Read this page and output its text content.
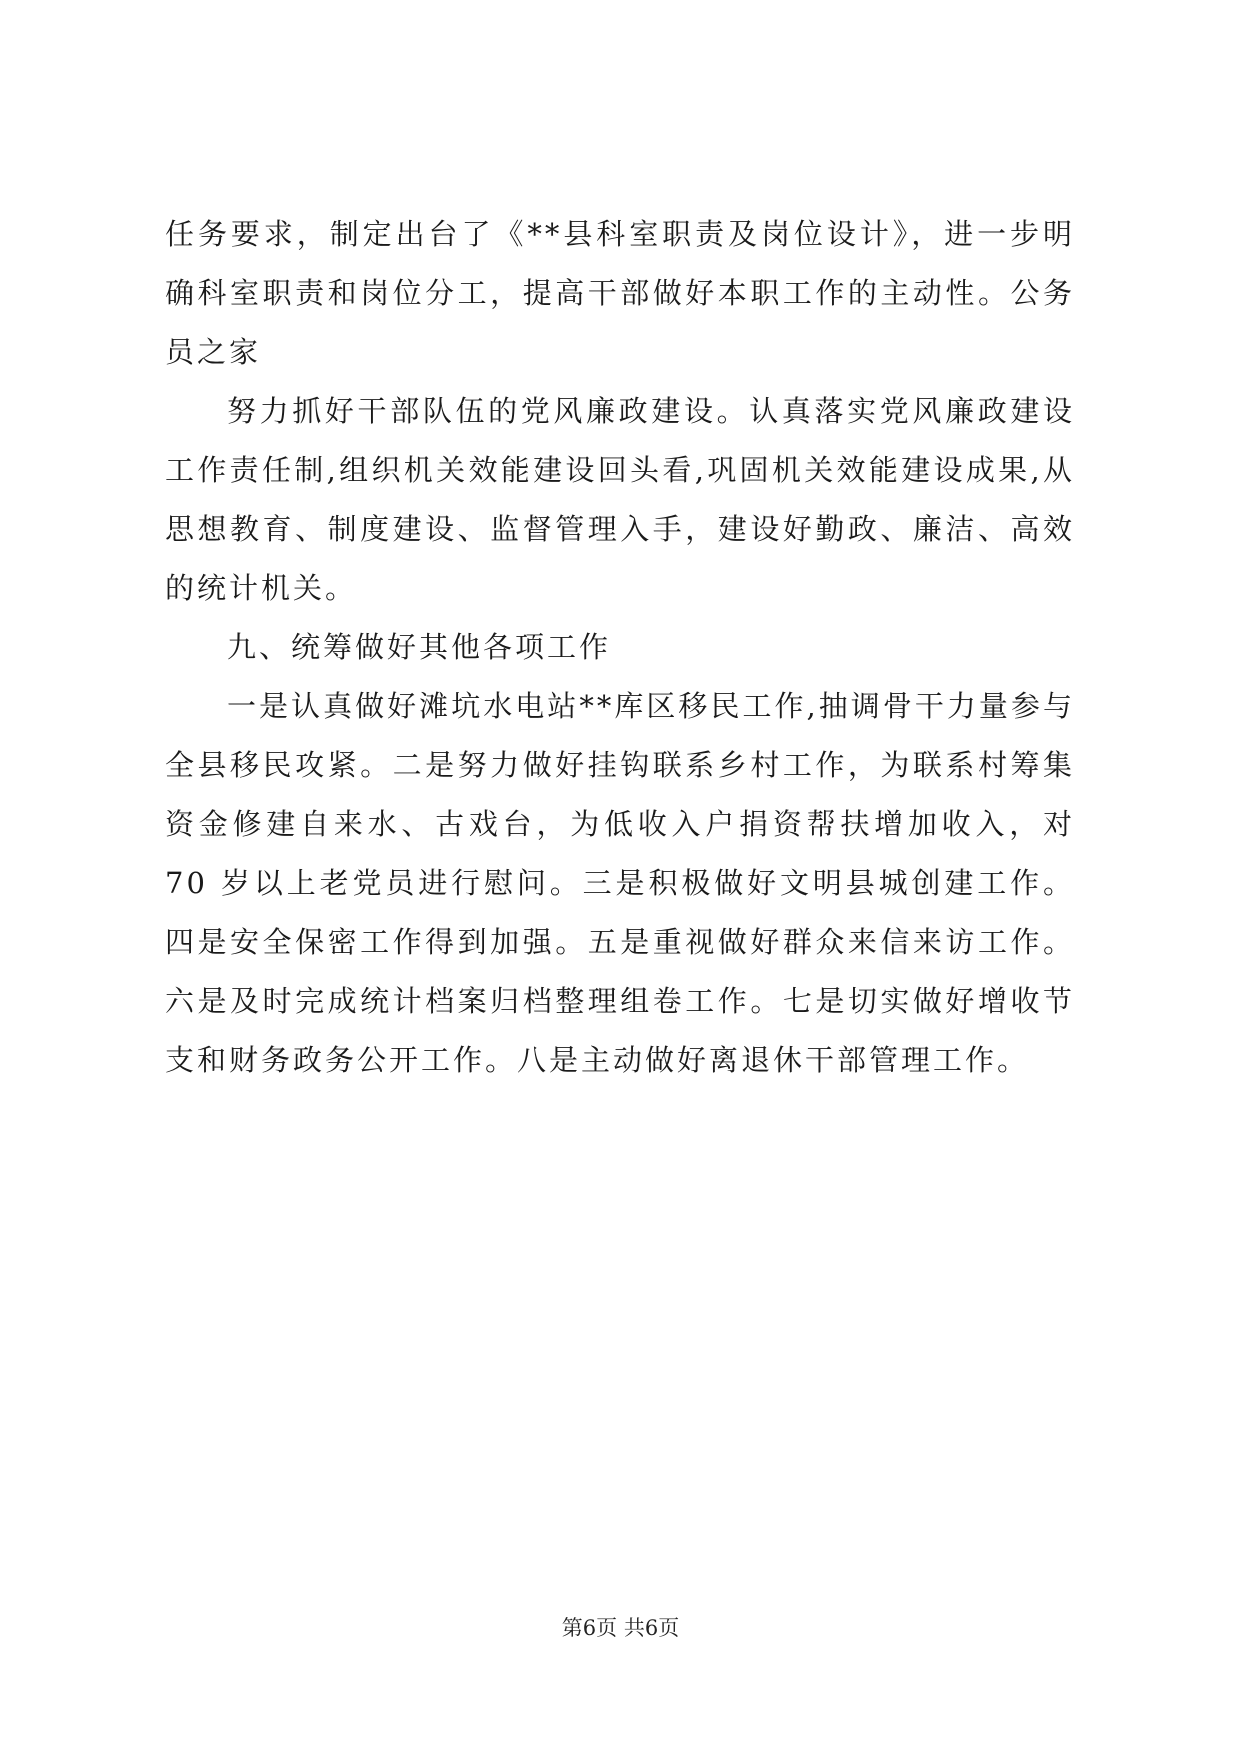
任务要求，制定出台了《**县科室职责及岗位设计》，进一步明确科室职责和岗位分工，提高干部做好本职工作的主动性。公务员之家

努力抓好干部队伍的党风廉政建设。认真落实党风廉政建设工作责任制,组织机关效能建设回头看,巩固机关效能建设成果,从思想教育、制度建设、监督管理入手，建设好勤政、廉洁、高效的统计机关。

九、统筹做好其他各项工作

一是认真做好滩坑水电站**库区移民工作,抽调骨干力量参与全县移民攻紧。二是努力做好挂钩联系乡村工作，为联系村筹集资金修建自来水、古戏台，为低收入户捐资帮扶增加收入，对 70 岁以上老党员进行慰问。三是积极做好文明县城创建工作。四是安全保密工作得到加强。五是重视做好群众来信来访工作。六是及时完成统计档案归档整理组卷工作。七是切实做好增收节支和财务政务公开工作。八是主动做好离退休干部管理工作。

第6页 共6页
